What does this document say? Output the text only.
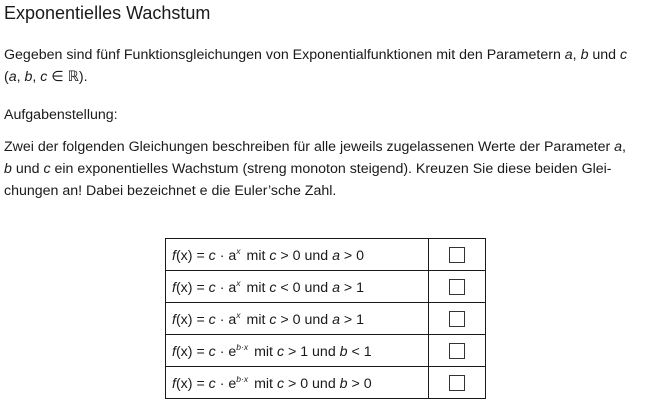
Exponentielles Wachstum
Gegeben sind fünf Funktionsgleichungen von Exponentialfunktionen mit den Parametern a, b und c
(a, b, c ∈ ℝ).
Aufgabenstellung:
Zwei der folgenden Gleichungen beschreiben für alle jeweils zugelassenen Werte der Parameter a,
b und c ein exponentielles Wachstum (streng monoton steigend). Kreuzen Sie diese beiden Glei-
chungen an! Dabei bezeichnet e die Euler’sche Zahl.
$f(x) = c \cdot a^x$ mit c > 0 und a > 0	
$f(x) = c \cdot a^x$ mit c < 0 und a > 1	
$f(x) = c \cdot a^x$ mit c > 0 und a > 1	
$f(x) = c \cdot e^{b\cdot x}$ mit c > 1 und b < 1	
$f(x) = c \cdot e^{b\cdot x}$ mit c > 0 und b > 0	
